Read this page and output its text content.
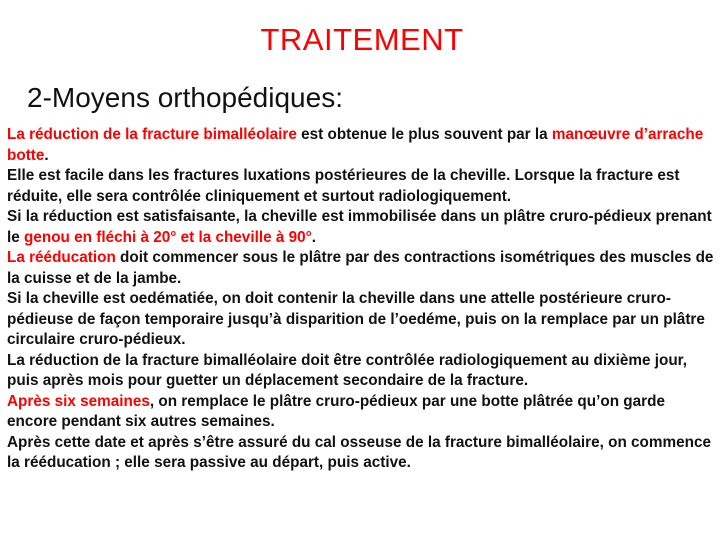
TRAITEMENT
2-Moyens orthopédiques:
La réduction de la fracture bimalléolaire est obtenue le plus souvent par la manœuvre d’arrache botte.
Elle est facile dans les fractures luxations postérieures de la cheville. Lorsque la fracture est réduite, elle sera contrôlée cliniquement et surtout radiologiquement.
Si la réduction est satisfaisante, la cheville est immobilisée dans un plâtre cruro-pédieux prenant le genou en fléchi à 20° et la cheville à 90°.
La rééducation doit commencer sous le plâtre par des contractions isométriques des muscles de la cuisse et de la jambe.
Si la cheville est oedématiée, on doit contenir la cheville dans une attelle postérieure cruro-pédieuse de façon temporaire jusqu’à disparition de l’oedéme, puis on la remplace par un plâtre circulaire cruro-pédieux.
La réduction de la fracture bimalléolaire doit être contrôlée radiologiquement au dixième jour, puis après mois pour guetter un déplacement secondaire de la fracture.
Après six semaines, on remplace le plâtre cruro-pédieux par une botte plâtrée qu’on garde encore pendant six autres semaines.
Après cette date et après s’être assuré du cal osseuse de la fracture bimalléolaire, on commence la rééducation ; elle sera passive au départ, puis active.
